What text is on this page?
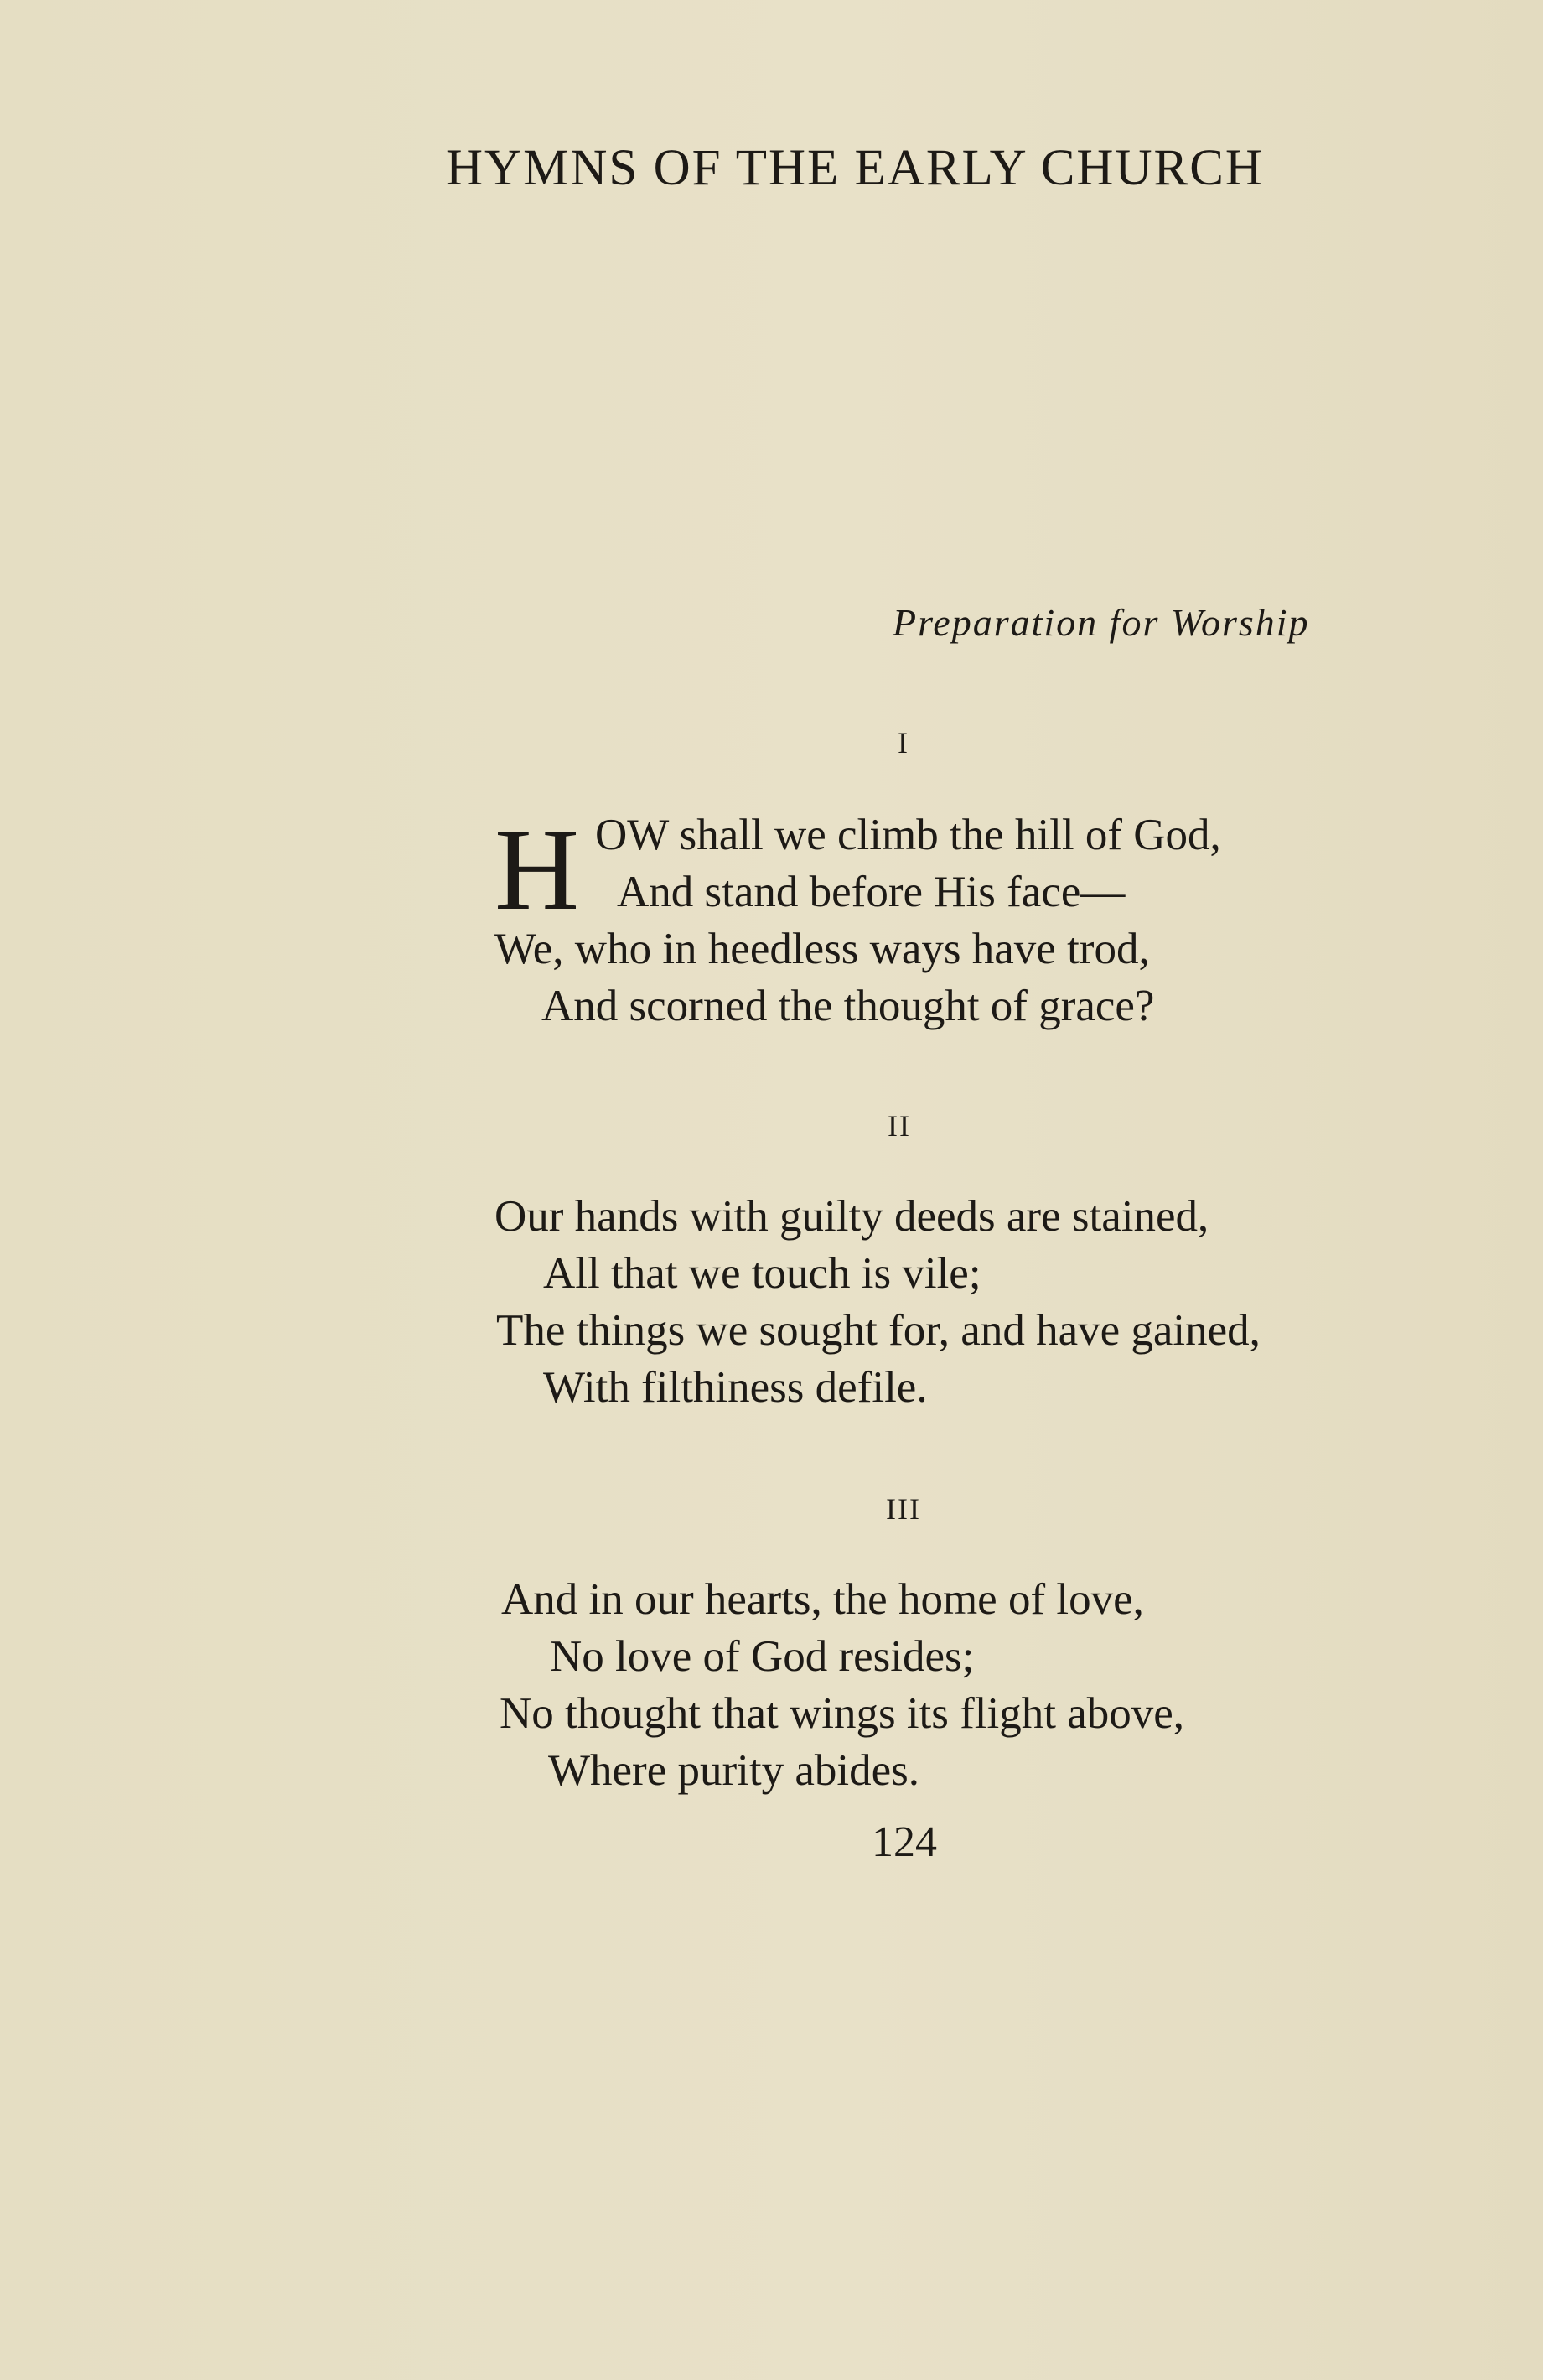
HYMNS OF THE EARLY CHURCH
Preparation for Worship
I
H OW shall we climb the hill of God,
And stand before His face—
We, who in heedless ways have trod,
And scorned the thought of grace?
II
Our hands with guilty deeds are stained,
All that we touch is vile;
The things we sought for, and have gained,
With filthiness defile.
III
And in our hearts, the home of love,
No love of God resides;
No thought that wings its flight above,
Where purity abides.
124
